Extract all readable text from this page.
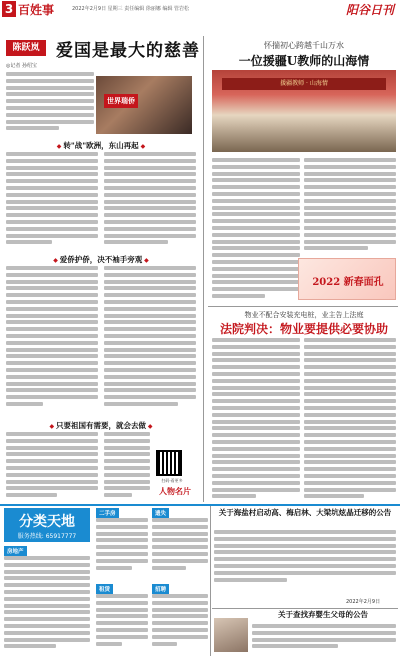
3 百姓事	2022年2月9日 星期三 责任编辑 徐丽娜 编辑 管岩松	阳谷日刊
陈跃岚 爱国是最大的慈善
◎记者 孙绍宝
世界瑞侨
◆ 转"战"欧洲，东山再起 ◆
◆ 爱侨护侨，决不袖手旁观 ◆
◆ 只要祖国有需要，就会去做 ◆
扫码·看更多
人物名片
怀揣初心跨越千山万水
一位援疆U教师的山海情
援疆教师 · 山海情
2022 新春面孔
物业不配合安装充电桩，业主告上法庭
法院判决：物业要提供必要协助
分类天地
服务热线: 65917777
房地产
二手房
租赁
遗失
招聘
关于海盐村启动高、梅启林、大梁坑炫晶迁移的公告
2022年2月9日
关于查找弃婴生父母的公告
